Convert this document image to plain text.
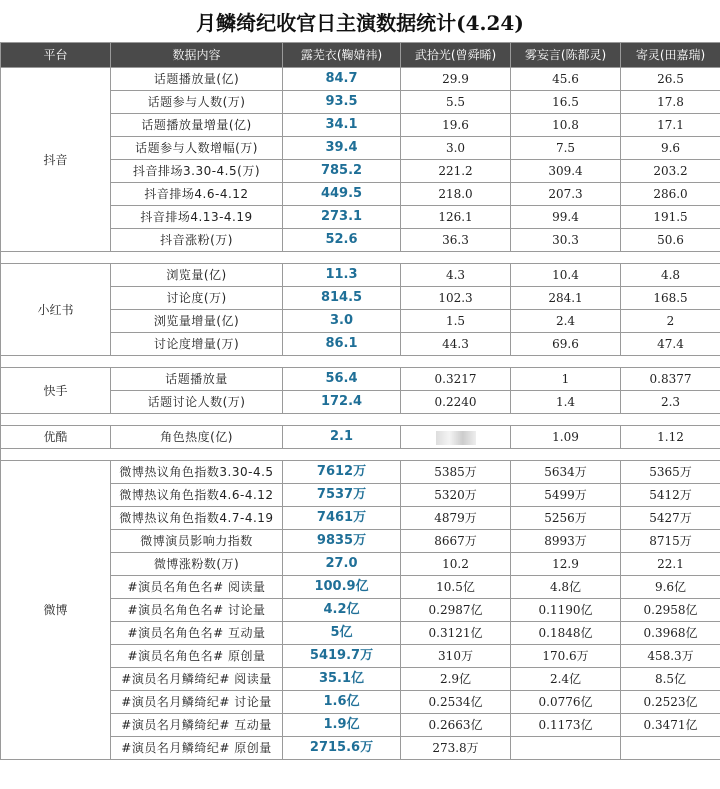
月鳞绮纪收官日主演数据统计(4.24)
平台	数据内容	露芜衣(鞠婧祎)	武拾光(曾舜晞)	雾妄言(陈都灵)	寄灵(田嘉瑞)
抖音	话题播放量(亿)	84.7	29.9	45.6	26.5
	话题参与人数(万)	93.5	5.5	16.5	17.8
	话题播放量增量(亿)	34.1	19.6	10.8	17.1
	话题参与人数增幅(万)	39.4	3.0	7.5	9.6
	抖音排场3.30-4.5(万)	785.2	221.2	309.4	203.2
	抖音排场4.6-4.12	449.5	218.0	207.3	286.0
	抖音排场4.13-4.19	273.1	126.1	99.4	191.5
	抖音涨粉(万)	52.6	36.3	30.3	50.6

小红书	浏览量(亿)	11.3	4.3	10.4	4.8
	讨论度(万)	814.5	102.3	284.1	168.5
	浏览量增量(亿)	3.0	1.5	2.4	2
	讨论度增量(万)	86.1	44.3	69.6	47.4

快手	话题播放量	56.4	0.3217	1	0.8377
	话题讨论人数(万)	172.4	0.2240	1.4	2.3

优酷	角色热度(亿)	2.1		1.09	1.12

微博	微博热议角色指数3.30-4.5	7612万	5385万	5634万	5365万
	微博热议角色指数4.6-4.12	7537万	5320万	5499万	5412万
	微博热议角色指数4.7-4.19	7461万	4879万	5256万	5427万
	微博演员影响力指数	9835万	8667万	8993万	8715万
	微博涨粉数(万)	27.0	10.2	12.9	22.1
	#演员名角色名# 阅读量	100.9亿	10.5亿	4.8亿	9.6亿
	#演员名角色名# 讨论量	4.2亿	0.2987亿	0.1190亿	0.2958亿
	#演员名角色名# 互动量	5亿	0.3121亿	0.1848亿	0.3968亿
	#演员名角色名# 原创量	5419.7万	310万	170.6万	458.3万
	#演员名月鳞绮纪# 阅读量	35.1亿	2.9亿	2.4亿	8.5亿
	#演员名月鳞绮纪# 讨论量	1.6亿	0.2534亿	0.0776亿	0.2523亿
	#演员名月鳞绮纪# 互动量	1.9亿	0.2663亿	0.1173亿	0.3471亿
	#演员名月鳞绮纪# 原创量	2715.6万	273.8万		
